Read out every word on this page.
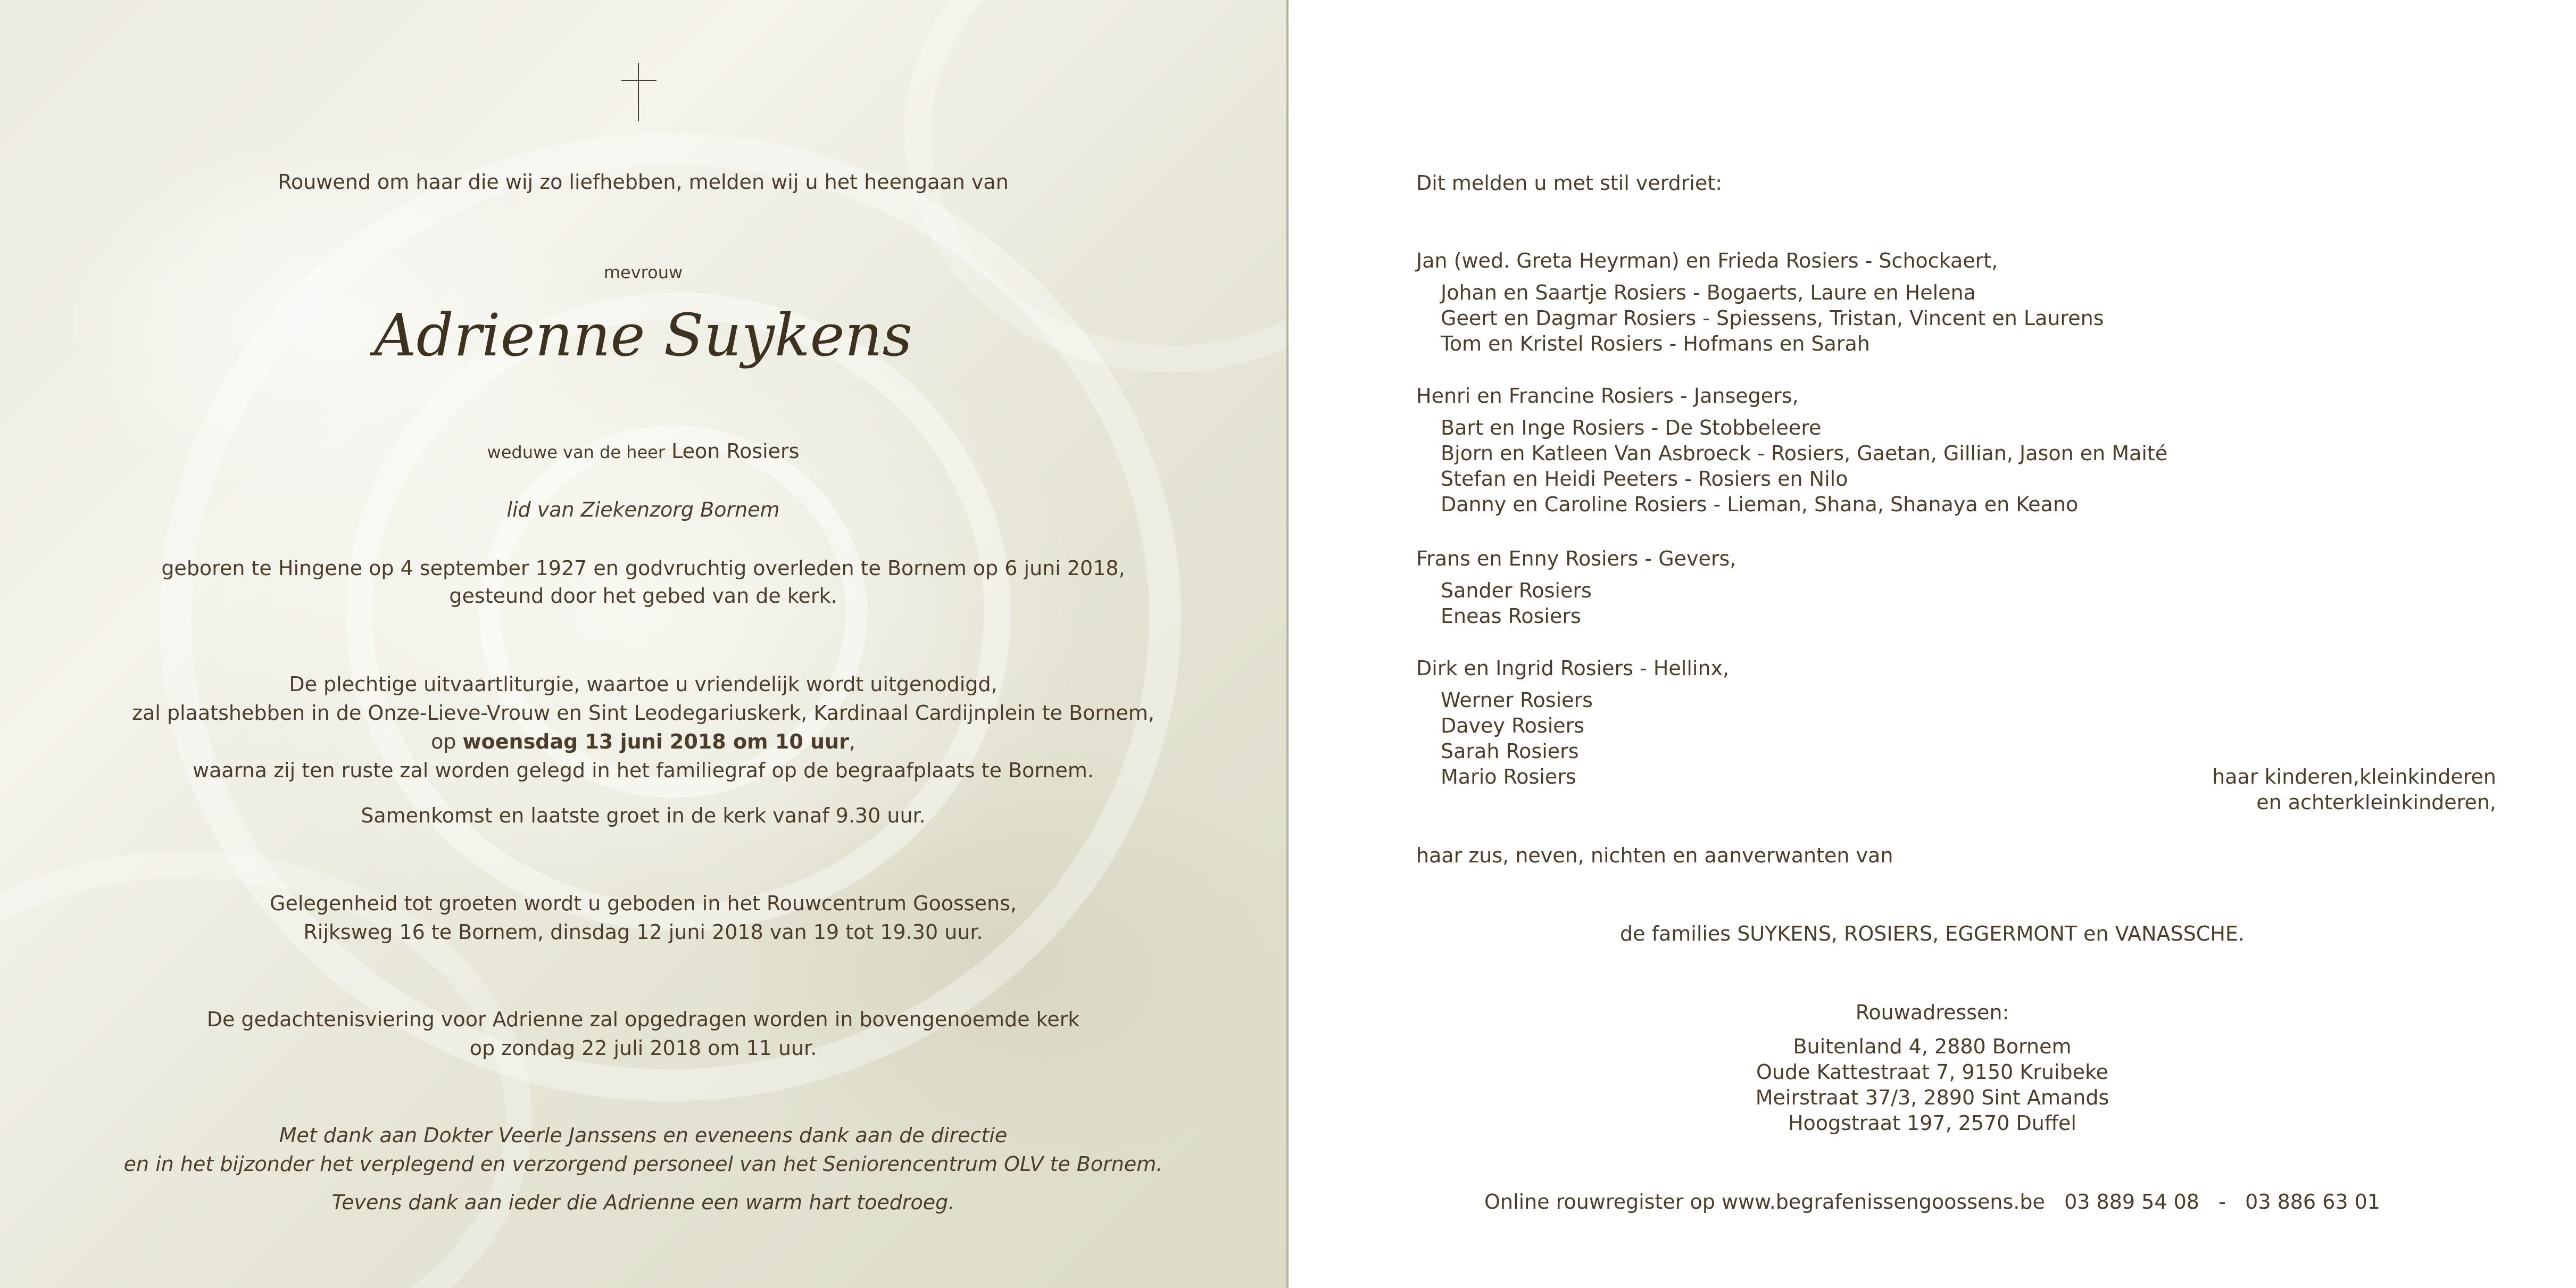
Rouwend om haar die wij zo liefhebben, melden wij u het heengaan van
mevrouw
Adrienne Suykens
weduwe van de heer Leon Rosiers
lid van Ziekenzorg Bornem
geboren te Hingene op 4 september 1927 en godvruchtig overleden te Bornem op 6 juni 2018,
gesteund door het gebed van de kerk.
De plechtige uitvaartliturgie, waartoe u vriendelijk wordt uitgenodigd,
zal plaatshebben in de Onze-Lieve-Vrouw en Sint Leodegariuskerk, Kardinaal Cardijnplein te Bornem,
op woensdag 13 juni 2018 om 10 uur,
waarna zij ten ruste zal worden gelegd in het familiegraf op de begraafplaats te Bornem.
Samenkomst en laatste groet in de kerk vanaf 9.30 uur.
Gelegenheid tot groeten wordt u geboden in het Rouwcentrum Goossens,
Rijksweg 16 te Bornem, dinsdag 12 juni 2018 van 19 tot 19.30 uur.
De gedachtenisviering voor Adrienne zal opgedragen worden in bovengenoemde kerk
op zondag 22 juli 2018 om 11 uur.
Met dank aan Dokter Veerle Janssens en eveneens dank aan de directie
en in het bijzonder het verplegend en verzorgend personeel van het Seniorencentrum OLV te Bornem.
Tevens dank aan ieder die Adrienne een warm hart toedroeg.
Dit melden u met stil verdriet:
Jan (wed. Greta Heyrman) en Frieda Rosiers - Schockaert,
Johan en Saartje Rosiers - Bogaerts, Laure en Helena
Geert en Dagmar Rosiers - Spiessens, Tristan, Vincent en Laurens
Tom en Kristel Rosiers - Hofmans en Sarah
Henri en Francine Rosiers - Jansegers,
Bart en Inge Rosiers - De Stobbeleere
Bjorn en Katleen Van Asbroeck - Rosiers, Gaetan, Gillian, Jason en Maité
Stefan en Heidi Peeters - Rosiers en Nilo
Danny en Caroline Rosiers - Lieman, Shana, Shanaya en Keano
Frans en Enny Rosiers - Gevers,
Sander Rosiers
Eneas Rosiers
Dirk en Ingrid Rosiers - Hellinx,
Werner Rosiers
Davey Rosiers
Sarah Rosiers
Mario Rosiers	haar kinderen,kleinkinderen
en achterkleinkinderen,
haar zus, neven, nichten en aanverwanten van
de families SUYKENS, ROSIERS, EGGERMONT en VANASSCHE.
Rouwadressen:
Buitenland 4, 2880 Bornem
Oude Kattestraat 7, 9150 Kruibeke
Meirstraat 37/3, 2890 Sint Amands
Hoogstraat 197, 2570 Duffel
Online rouwregister op www.begrafenissengoossens.be 03 889 54 08 - 03 886 63 01
